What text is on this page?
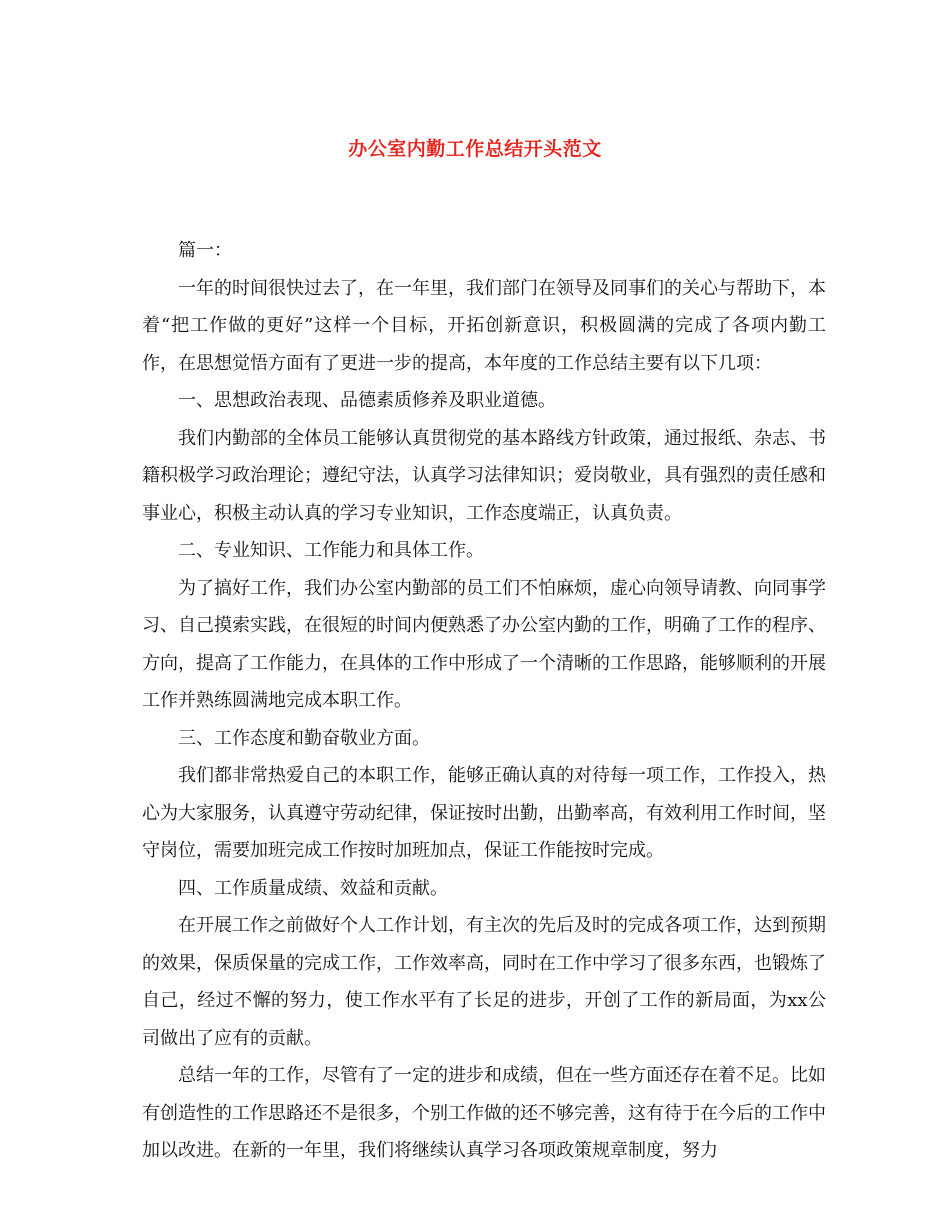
办公室内勤工作总结开头范文

篇一：

一年的时间很快过去了，在一年里，我们部门在领导及同事们的关心与帮助下，本着“把工作做的更好”这样一个目标，开拓创新意识，积极圆满的完成了各项内勤工作，在思想觉悟方面有了更进一步的提高，本年度的工作总结主要有以下几项：

一、思想政治表现、品德素质修养及职业道德。

我们内勤部的全体员工能够认真贯彻党的基本路线方针政策，通过报纸、杂志、书籍积极学习政治理论；遵纪守法，认真学习法律知识；爱岗敬业，具有强烈的责任感和事业心，积极主动认真的学习专业知识，工作态度端正，认真负责。

二、专业知识、工作能力和具体工作。

为了搞好工作，我们办公室内勤部的员工们不怕麻烦，虚心向领导请教、向同事学习、自己摸索实践，在很短的时间内便熟悉了办公室内勤的工作，明确了工作的程序、方向，提高了工作能力，在具体的工作中形成了一个清晰的工作思路，能够顺利的开展工作并熟练圆满地完成本职工作。

三、工作态度和勤奋敬业方面。

我们都非常热爱自己的本职工作，能够正确认真的对待每一项工作，工作投入，热心为大家服务，认真遵守劳动纪律，保证按时出勤，出勤率高，有效利用工作时间，坚守岗位，需要加班完成工作按时加班加点，保证工作能按时完成。

四、工作质量成绩、效益和贡献。

在开展工作之前做好个人工作计划，有主次的先后及时的完成各项工作，达到预期的效果，保质保量的完成工作，工作效率高，同时在工作中学习了很多东西，也锻炼了自己，经过不懈的努力，使工作水平有了长足的进步，开创了工作的新局面，为xx公司做出了应有的贡献。

总结一年的工作，尽管有了一定的进步和成绩，但在一些方面还存在着不足。比如有创造性的工作思路还不是很多，个别工作做的还不够完善，这有待于在今后的工作中加以改进。在新的一年里，我们将继续认真学习各项政策规章制度，努力
